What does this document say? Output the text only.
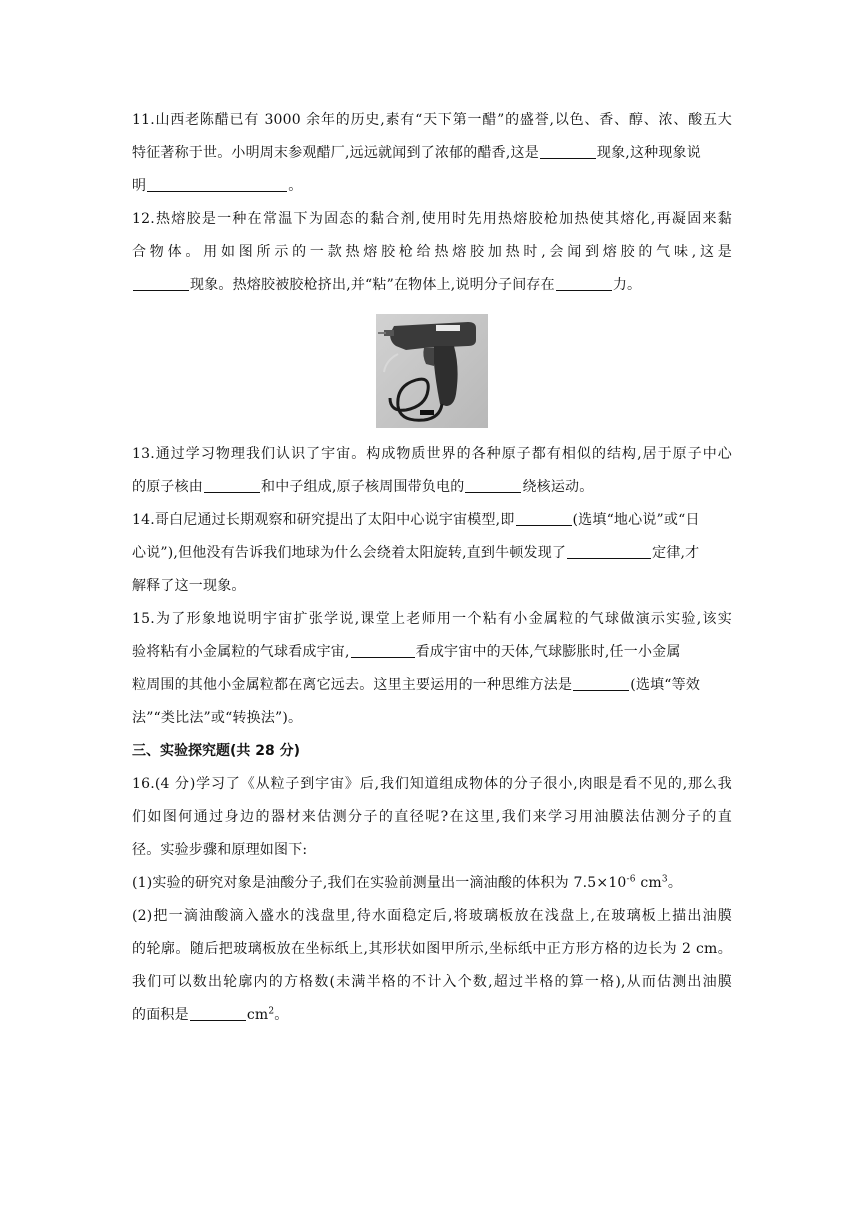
11.山西老陈醋已有 3000 余年的历史,素有“天下第一醋”的盛誉,以色、香、醇、浓、酸五大

特征著称于世。小明周末参观醋厂,远远就闻到了浓郁的醋香,这是	现象,这种现象说

明	。

12.热熔胶是一种在常温下为固态的黏合剂,使用时先用热熔胶枪加热使其熔化,再凝固来黏

合物体。用如图所示的一款热熔胶枪给热熔胶加热时,会闻到熔胶的气味,这是

现象。热熔胶被胶枪挤出,并“粘”在物体上,说明分子间存在	力。

13.通过学习物理我们认识了宇宙。构成物质世界的各种原子都有相似的结构,居于原子中心

的原子核由	和中子组成,原子核周围带负电的	绕核运动。

14.哥白尼通过长期观察和研究提出了太阳中心说宇宙模型,即	(选填“地心说”或“日

心说”),但他没有告诉我们地球为什么会绕着太阳旋转,直到牛顿发现了	定律,才

解释了这一现象。

15.为了形象地说明宇宙扩张学说,课堂上老师用一个粘有小金属粒的气球做演示实验,该实

验将粘有小金属粒的气球看成宇宙,	看成宇宙中的天体,气球膨胀时,任一小金属

粒周围的其他小金属粒都在离它远去。这里主要运用的一种思维方法是	(选填“等效

法”“类比法”或“转换法”)。

三、实验探究题(共 28 分)

16.(4 分)学习了《从粒子到宇宙》后,我们知道组成物体的分子很小,肉眼是看不见的,那么我

们如图何通过身边的器材来估测分子的直径呢?在这里,我们来学习用油膜法估测分子的直

径。实验步骤和原理如图下:

(1)实验的研究对象是油酸分子,我们在实验前测量出一滴油酸的体积为 $7.5\times 10^{-6}$ $cm^3$。

(2)把一滴油酸滴入盛水的浅盘里,待水面稳定后,将玻璃板放在浅盘上,在玻璃板上描出油膜

的轮廓。随后把玻璃板放在坐标纸上,其形状如图甲所示,坐标纸中正方形方格的边长为 2 cm。

我们可以数出轮廓内的方格数(未满半格的不计入个数,超过半格的算一格),从而估测出油膜

的面积是	$cm^2$。
